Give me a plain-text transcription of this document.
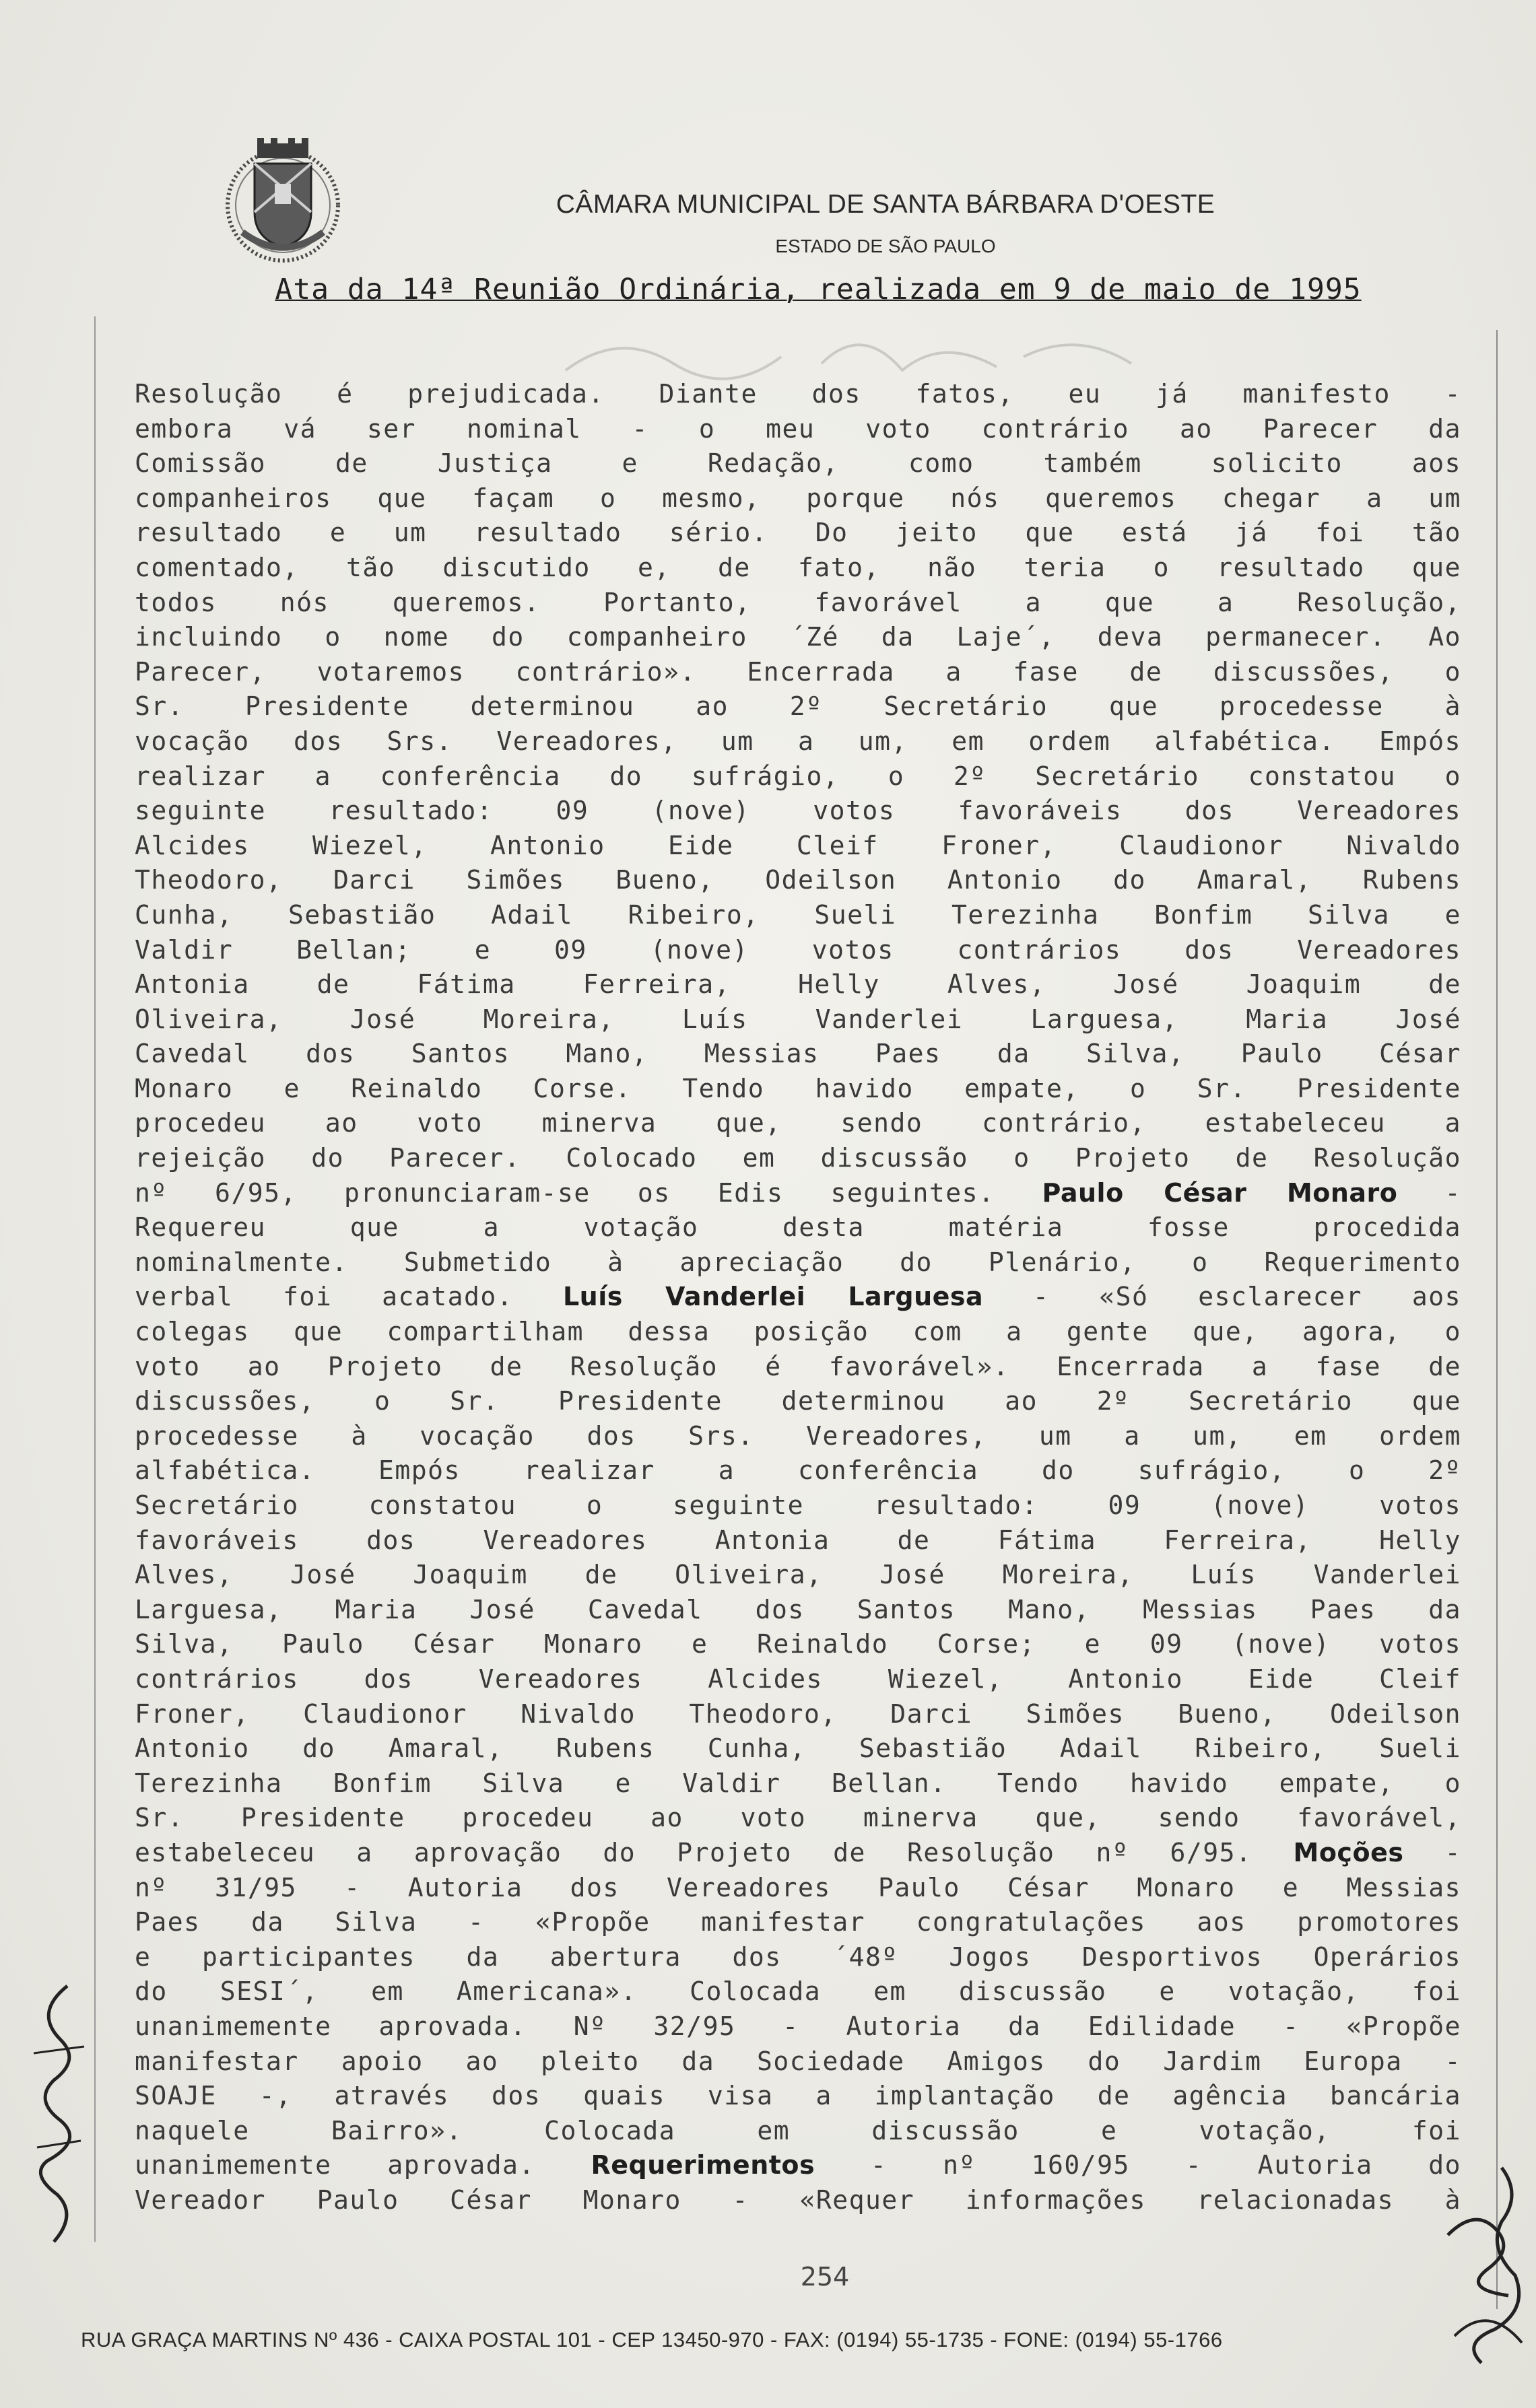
CÂMARA MUNICIPAL DE SANTA BÁRBARA D'OESTE
ESTADO DE SÃO PAULO
Ata da 14ª Reunião Ordinária, realizada em 9 de maio de 1995
Resolução é prejudicada. Diante dos fatos, eu já manifesto -
embora vá ser nominal - o meu voto contrário ao Parecer da
Comissão de Justiça e Redação, como também solicito aos
companheiros que façam o mesmo, porque nós queremos chegar a um
resultado e um resultado sério. Do jeito que está já foi tão
comentado, tão discutido e, de fato, não teria o resultado que
todos nós queremos. Portanto, favorável a que a Resolução,
incluindo o nome do companheiro ´Zé da Laje´, deva permanecer. Ao
Parecer, votaremos contrário». Encerrada a fase de discussões, o
Sr. Presidente determinou ao 2º Secretário que procedesse à
vocação dos Srs. Vereadores, um a um, em ordem alfabética. Empós
realizar a conferência do sufrágio, o 2º Secretário constatou o
seguinte resultado: 09 (nove) votos favoráveis dos Vereadores
Alcides Wiezel, Antonio Eide Cleif Froner, Claudionor Nivaldo
Theodoro, Darci Simões Bueno, Odeilson Antonio do Amaral, Rubens
Cunha, Sebastião Adail Ribeiro, Sueli Terezinha Bonfim Silva e
Valdir Bellan; e 09 (nove) votos contrários dos Vereadores
Antonia de Fátima Ferreira, Helly Alves, José Joaquim de
Oliveira, José Moreira, Luís Vanderlei Larguesa, Maria José
Cavedal dos Santos Mano, Messias Paes da Silva, Paulo César
Monaro e Reinaldo Corse. Tendo havido empate, o Sr. Presidente
procedeu ao voto minerva que, sendo contrário, estabeleceu a
rejeição do Parecer. Colocado em discussão o Projeto de Resolução
nº 6/95, pronunciaram-se os Edis seguintes. Paulo César Monaro -
Requereu que a votação desta matéria fosse procedida
nominalmente. Submetido à apreciação do Plenário, o Requerimento
verbal foi acatado. Luís Vanderlei Larguesa - «Só esclarecer aos
colegas que compartilham dessa posição com a gente que, agora, o
voto ao Projeto de Resolução é favorável». Encerrada a fase de
discussões, o Sr. Presidente determinou ao 2º Secretário que
procedesse à vocação dos Srs. Vereadores, um a um, em ordem
alfabética. Empós realizar a conferência do sufrágio, o 2º
Secretário constatou o seguinte resultado: 09 (nove) votos
favoráveis dos Vereadores Antonia de Fátima Ferreira, Helly
Alves, José Joaquim de Oliveira, José Moreira, Luís Vanderlei
Larguesa, Maria José Cavedal dos Santos Mano, Messias Paes da
Silva, Paulo César Monaro e Reinaldo Corse; e 09 (nove) votos
contrários dos Vereadores Alcides Wiezel, Antonio Eide Cleif
Froner, Claudionor Nivaldo Theodoro, Darci Simões Bueno, Odeilson
Antonio do Amaral, Rubens Cunha, Sebastião Adail Ribeiro, Sueli
Terezinha Bonfim Silva e Valdir Bellan. Tendo havido empate, o
Sr. Presidente procedeu ao voto minerva que, sendo favorável,
estabeleceu a aprovação do Projeto de Resolução nº 6/95. Moções -
nº 31/95 - Autoria dos Vereadores Paulo César Monaro e Messias
Paes da Silva - «Propõe manifestar congratulações aos promotores
e participantes da abertura dos ´48º Jogos Desportivos Operários
do SESI´, em Americana». Colocada em discussão e votação, foi
unanimemente aprovada. Nº 32/95 - Autoria da Edilidade - «Propõe
manifestar apoio ao pleito da Sociedade Amigos do Jardim Europa -
SOAJE -, através dos quais visa a implantação de agência bancária
naquele Bairro». Colocada em discussão e votação, foi
unanimemente aprovada. Requerimentos - nº 160/95 - Autoria do
Vereador Paulo César Monaro - «Requer informações relacionadas à
254
RUA GRAÇA MARTINS Nº 436 - CAIXA POSTAL 101 - CEP 13450-970 - FAX: (0194) 55-1735 - FONE: (0194) 55-1766
